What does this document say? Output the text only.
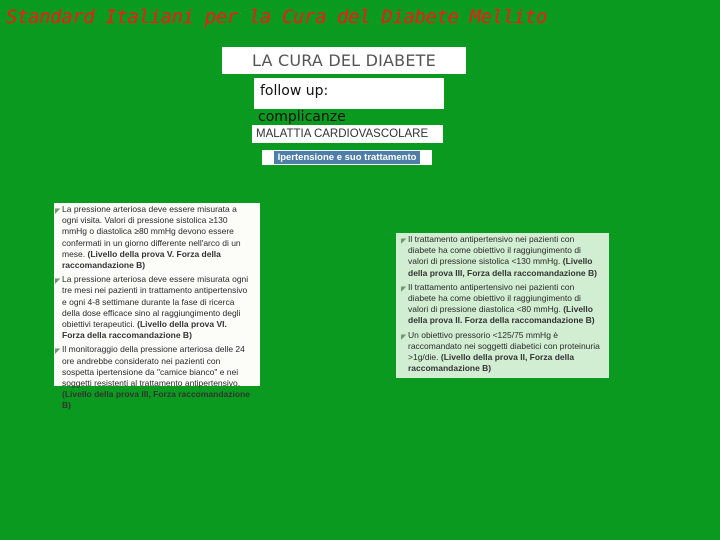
Standard Italiani per la Cura del Diabete Mellito
LA CURA DEL DIABETE
follow up:
complicanze
MALATTIA CARDIOVASCOLARE
Ipertensione e suo trattamento
◤ La pressione arteriosa deve essere misurata a ogni visita. Valori di pressione sistolica ≥130 mmHg o diastolica ≥80 mmHg devono essere confermati in un giorno differente nell'arco di un mese. (Livello della prova V. Forza della raccomandazione B)
◤ La pressione arteriosa deve essere misurata ogni tre mesi nei pazienti in trattamento antipertensivo e ogni 4-8 settimane durante la fase di ricerca della dose efficace sino al raggiungimento degli obiettivi terapeutici. (Livello della prova VI. Forza della raccomandazione B)
◤ Il monitoraggio della pressione arteriosa delle 24 ore andrebbe considerato nei pazienti con sospetta ipertensione da "camice bianco" e nei soggetti resistenti al trattamento antipertensivo. (Livello della prova III, Forza raccomandazione B)
◤ Il trattamento antipertensivo nei pazienti con diabete ha come obiettivo il raggiungimento di valori di pressione sistolica <130 mmHg. (Livello della prova III, Forza della raccomandazione B)
◤ Il trattamento antipertensivo nei pazienti con diabete ha come obiettivo il raggiungimento di valori di pressione diastolica <80 mmHg. (Livello della prova II. Forza della raccomandazione B)
◤ Un obiettivo pressorio <125/75 mmHg è raccomandato nei soggetti diabetici con proteinuria >1g/die. (Livello della prova II, Forza della raccomandazione B)
